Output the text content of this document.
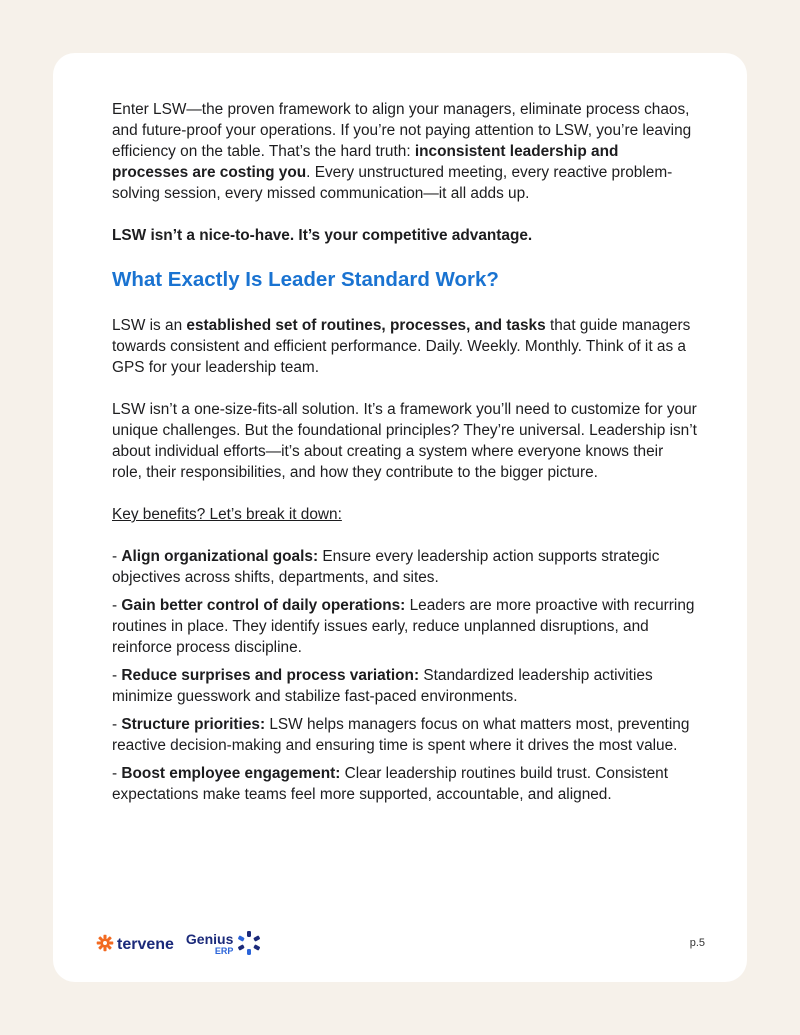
Enter LSW—the proven framework to align your managers, eliminate process chaos, and future-proof your operations. If you’re not paying attention to LSW, you’re leaving efficiency on the table. That’s the hard truth: inconsistent leadership and processes are costing you. Every unstructured meeting, every reactive problem-solving session, every missed communication—it all adds up.

LSW isn’t a nice-to-have. It’s your competitive advantage.

What Exactly Is Leader Standard Work?

LSW is an established set of routines, processes, and tasks that guide managers towards consistent and efficient performance. Daily. Weekly. Monthly. Think of it as a GPS for your leadership team.

LSW isn’t a one-size-fits-all solution. It’s a framework you’ll need to customize for your unique challenges. But the foundational principles? They’re universal. Leadership isn’t about individual efforts—it’s about creating a system where everyone knows their role, their responsibilities, and how they contribute to the bigger picture.

Key benefits? Let’s break it down:

- Align organizational goals: Ensure every leadership action supports strategic objectives across shifts, departments, and sites.

- Gain better control of daily operations: Leaders are more proactive with recurring routines in place. They identify issues early, reduce unplanned disruptions, and reinforce process discipline.

- Reduce surprises and process variation: Standardized leadership activities minimize guesswork and stabilize fast-paced environments.

- Structure priorities: LSW helps managers focus on what matters most, preventing reactive decision-making and ensuring time is spent where it drives the most value.

- Boost employee engagement: Clear leadership routines build trust. Consistent expectations make teams feel more supported, accountable, and aligned.

tervene Genius
ERP
p.5
